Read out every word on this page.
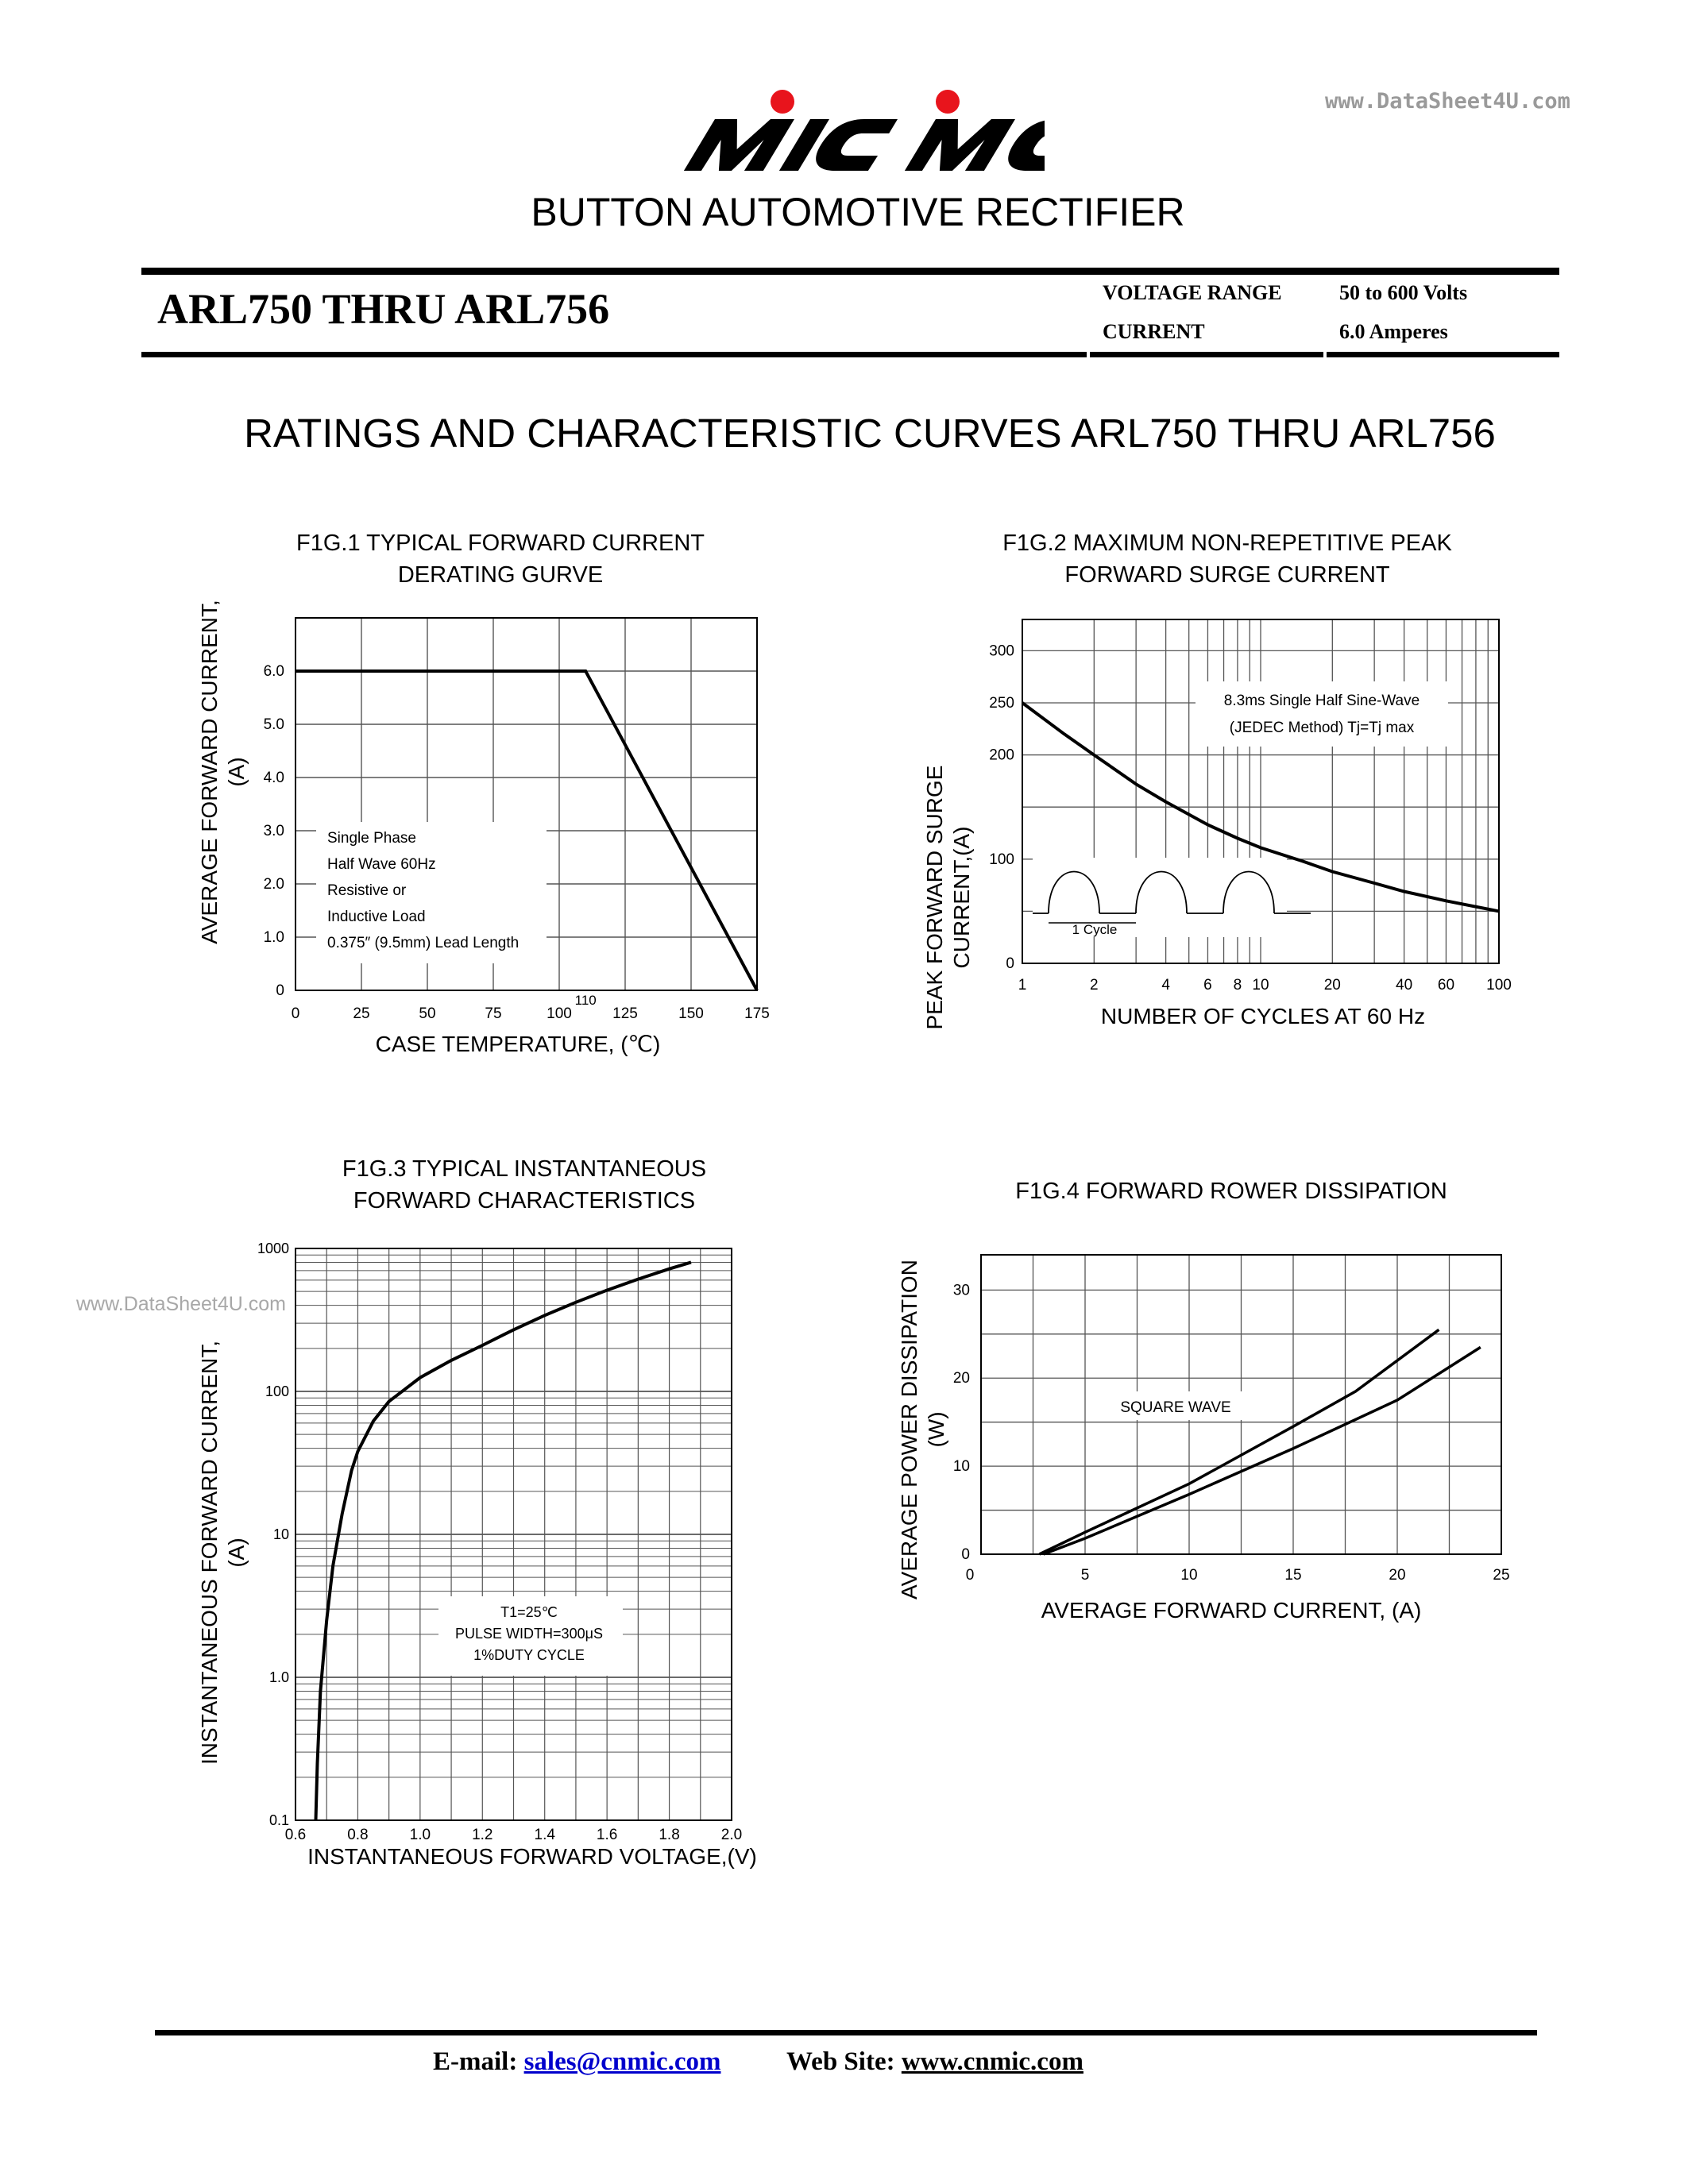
www.DataSheet4U.com
BUTTON AUTOMOTIVE RECTIFIER
ARL750 THRU ARL756	VOLTAGE RANGE	50 to 600 Volts
CURRENT	6.0 Amperes
RATINGS AND CHARACTERISTIC CURVES ARL750 THRU ARL756
F1G.1 TYPICAL FORWARD CURRENT
DERATING GURVE
F1G.2 MAXIMUM NON-REPETITIVE PEAK
FORWARD SURGE CURRENT
F1G.3 TYPICAL INSTANTANEOUS
FORWARD CHARACTERISTICS	F1G.4 FORWARD ROWER DISSIPATION
CASE TEMPERATURE, (℃)
NUMBER OF CYCLES AT 60 Hz
INSTANTANEOUS FORWARD VOLTAGE,(V)
AVERAGE FORWARD CURRENT, (A)
AVERAGE FORWARD CURRENT, (A)	PEAK FORWARD SURGE CURRENT,(A)
INSTANTANEOUS FORWARD CURRENT, (A)	AVERAGE POWER DISSIPATION (W)
Single Phase
Half Wave 60Hz
Resistive or
Inductive Load
0.375″ (9.5mm) Lead Length
0	25	50	75	100	125	150	175
110
0
1.0
2.0
3.0
4.0
5.0
6.0
8.3ms Single Half Sine-Wave
(JEDEC Method) Tj=Tj max
1	2	4 6 8 10	20	40 60 100
0
100
200
250
300
1 Cycle
T1=25℃
PULSE WIDTH=300μS
1%DUTY CYCLE
0.6	0.8	1.0	1.2	1.4	1.6	1.8	2.0
0.1
1.0
10
100
1000
SQUARE WAVE
0	5	10	15	20	25
0
10
20
30
www.DataSheet4U.com
E-mail: sales@cnmic.com	Web Site: www.cnmic.com
